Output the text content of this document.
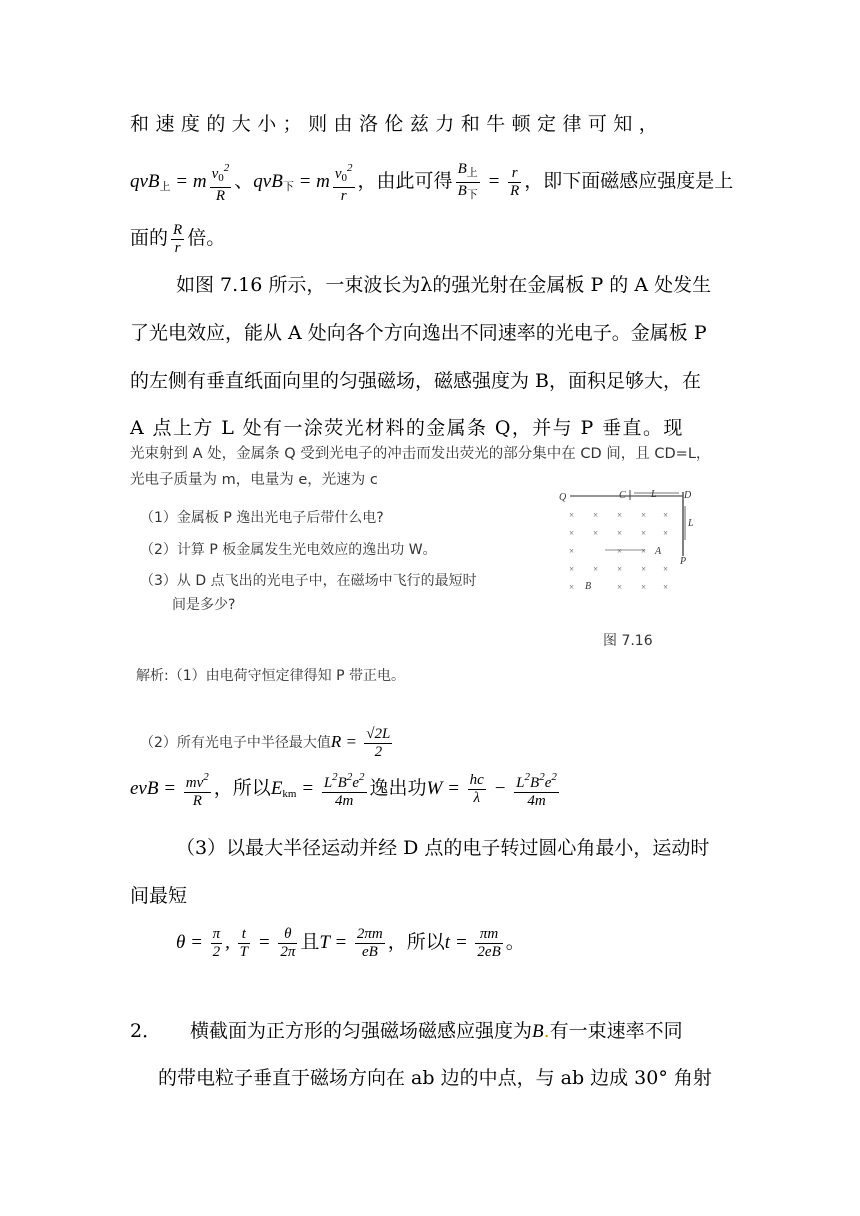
和 速 度 的 大 小 ； 则 由 洛 伦 兹 力 和 牛 顿 定 律 可 知 ，
qvB$_上$ = m $\frac{v_0^2}{R}$ 、qvB$_下$ = m $\frac{v_0^2}{r}$ ，由此可得 $\frac{B_上}{B_下} = \frac{r}{R}$ ，即下面磁感应强度是上
面的 $\frac{R}{r}$ 倍。
如图 7.16 所示，一束波长为λ的强光射在金属板 P 的 A 处发生
了光电效应，能从 A 处向各个方向逸出不同速率的光电子。金属板 P
的左侧有垂直纸面向里的匀强磁场，磁感强度为 B，面积足够大，在
A 点上方 L 处有一涂荧光材料的金属条 Q，并与 P 垂直。现
光束射到 A 处，金属条 Q 受到光电子的冲击而发出荧光的部分集中在 CD 间，且 CD=L，
光电子质量为 m，电量为 e，光速为 c
（1）金属板 P 逸出光电子后带什么电?
（2）计算 P 板金属发生光电效应的逸出功 W。
（3）从 D 点飞出的光电子中，在磁场中飞行的最短时
间是多少?
Q	C	L	D
L
A
P
B
× × × × ×
× × × × ×
×	× ×
× × × × ×
×	× × ×
图 7.16
解析:（1）由电荷守恒定律得知 P 带正电。
（2）所有光电子中半径最大值$R = \frac{√2L}{2}$
evB = $\frac{mv^2}{R}$ ，所以$E_{km} = \frac{L^2B^2e^2}{4m}$ 逸出功$W = \frac{hc}{\lambda} - \frac{L^2B^2e^2}{4m}$
（3）以最大半径运动并经 D 点的电子转过圆心角最小，运动时
间最短
$\theta = \frac{\pi}{2}$ , $\frac{t}{T} = \frac{\theta}{2\pi}$ 且$T = \frac{2\pi m}{eB}$ ，所以$t = \frac{\pi m}{2eB}$ 。
2． 横截面为正方形的匀强磁场磁感应强度为B.有一束速率不同
的带电粒子垂直于磁场方向在 ab 边的中点，与 ab 边成 30° 角射
